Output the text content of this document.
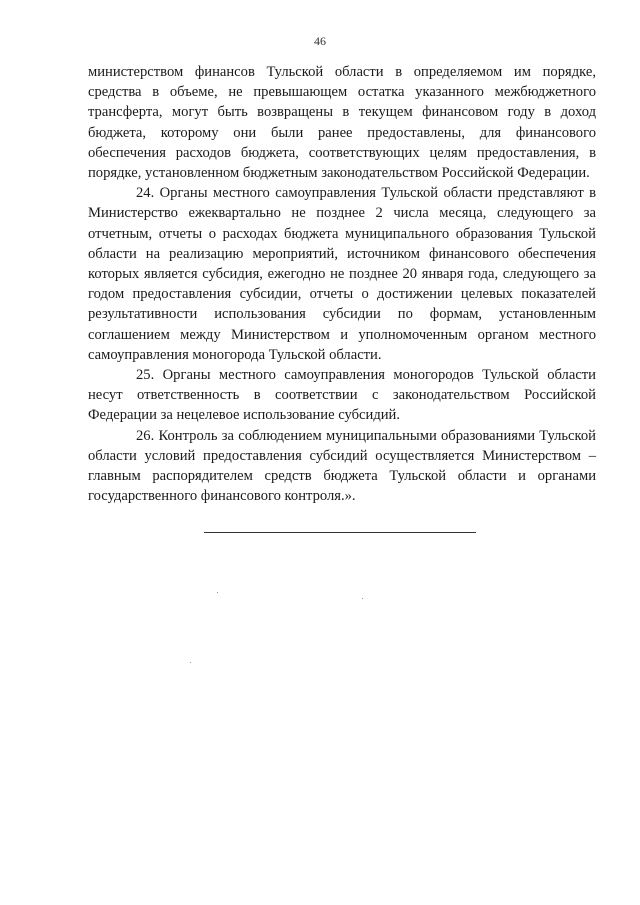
46

министерством финансов Тульской области в определяемом им порядке, средства в объеме, не превышающем остатка указанного межбюджетного трансферта, могут быть возвращены в текущем финансовом году в доход бюджета, которому они были ранее предоставлены, для финансового обеспечения расходов бюджета, соответствующих целям предоставления, в порядке, установленном бюджетным законодательством Российской Федерации.

24. Органы местного самоуправления Тульской области представляют в Министерство ежеквартально не позднее 2 числа месяца, следующего за отчетным, отчеты о расходах бюджета муниципального образования Тульской области на реализацию мероприятий, источником финансового обеспечения которых является субсидия, ежегодно не позднее 20 января года, следующего за годом предоставления субсидии, отчеты о достижении целевых показателей результативности использования субсидии по формам, установленным соглашением между Министерством и уполномоченным органом местного самоуправления моногорода Тульской области.

25. Органы местного самоуправления моногородов Тульской области несут ответственность в соответствии с законодательством Российской Федерации за нецелевое использование субсидий.

26. Контроль за соблюдением муниципальными образованиями Тульской области условий предоставления субсидий осуществляется Министерством – главным распорядителем средств бюджета Тульской области и органами государственного финансового контроля.».
